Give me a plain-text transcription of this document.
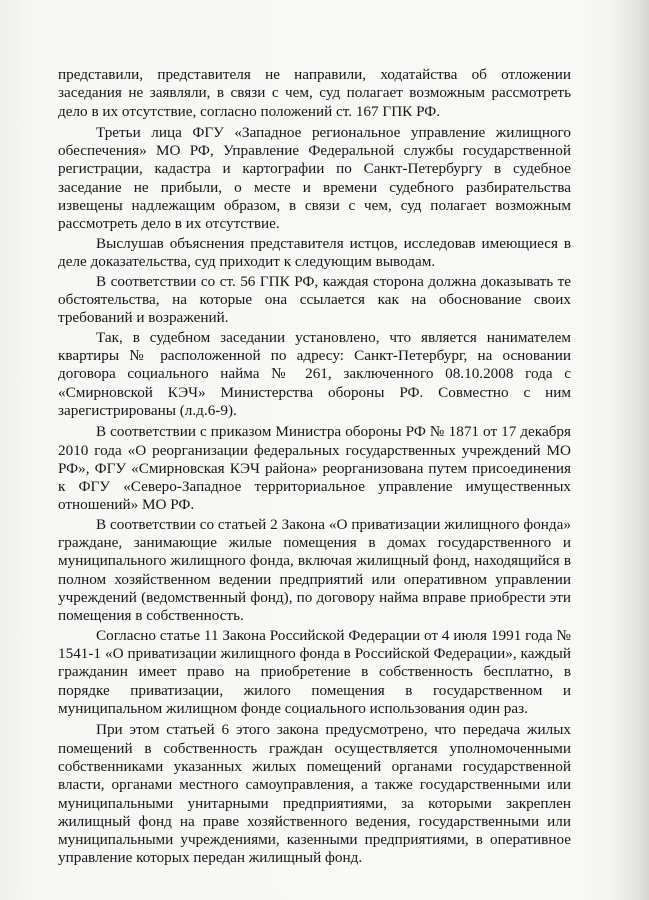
представили, представителя не направили, ходатайства об отложении заседания не заявляли, в связи с чем, суд полагает возможным рассмотреть дело в их отсутствие, согласно положений ст. 167 ГПК РФ.

Третьи лица ФГУ «Западное региональное управление жилищного обеспечения» МО РФ, Управление Федеральной службы государственной регистрации, кадастра и картографии по Санкт-Петербургу в судебное заседание не прибыли, о месте и времени судебного разбирательства извещены надлежащим образом, в связи с чем, суд полагает возможным рассмотреть дело в их отсутствие.

Выслушав объяснения представителя истцов, исследовав имеющиеся в деле доказательства, суд приходит к следующим выводам.

В соответствии со ст. 56 ГПК РФ, каждая сторона должна доказывать те обстоятельства, на которые она ссылается как на обоснование своих требований и возражений.

Так, в судебном заседании установлено, что является нанимателем квартиры № расположенной по адресу: Санкт-Петербург, на основании договора социального найма № 261, заключенного 08.10.2008 года с «Смирновской КЭЧ» Министерства обороны РФ. Совместно с ним зарегистрированы (л.д.6-9).

В соответствии с приказом Министра обороны РФ № 1871 от 17 декабря 2010 года «О реорганизации федеральных государственных учреждений МО РФ», ФГУ «Смирновская КЭЧ района» реорганизована путем присоединения к ФГУ «Северо-Западное территориальное управление имущественных отношений» МО РФ.

В соответствии со статьей 2 Закона «О приватизации жилищного фонда» граждане, занимающие жилые помещения в домах государственного и муниципального жилищного фонда, включая жилищный фонд, находящийся в полном хозяйственном ведении предприятий или оперативном управлении учреждений (ведомственный фонд), по договору найма вправе приобрести эти помещения в собственность.

Согласно статье 11 Закона Российской Федерации от 4 июля 1991 года № 1541-1 «О приватизации жилищного фонда в Российской Федерации», каждый гражданин имеет право на приобретение в собственность бесплатно, в порядке приватизации, жилого помещения в государственном и муниципальном жилищном фонде социального использования один раз.

При этом статьей 6 этого закона предусмотрено, что передача жилых помещений в собственность граждан осуществляется уполномоченными собственниками указанных жилых помещений органами государственной власти, органами местного самоуправления, а также государственными или муниципальными унитарными предприятиями, за которыми закреплен жилищный фонд на праве хозяйственного ведения, государственными или муниципальными учреждениями, казенными предприятиями, в оперативное управление которых передан жилищный фонд.
